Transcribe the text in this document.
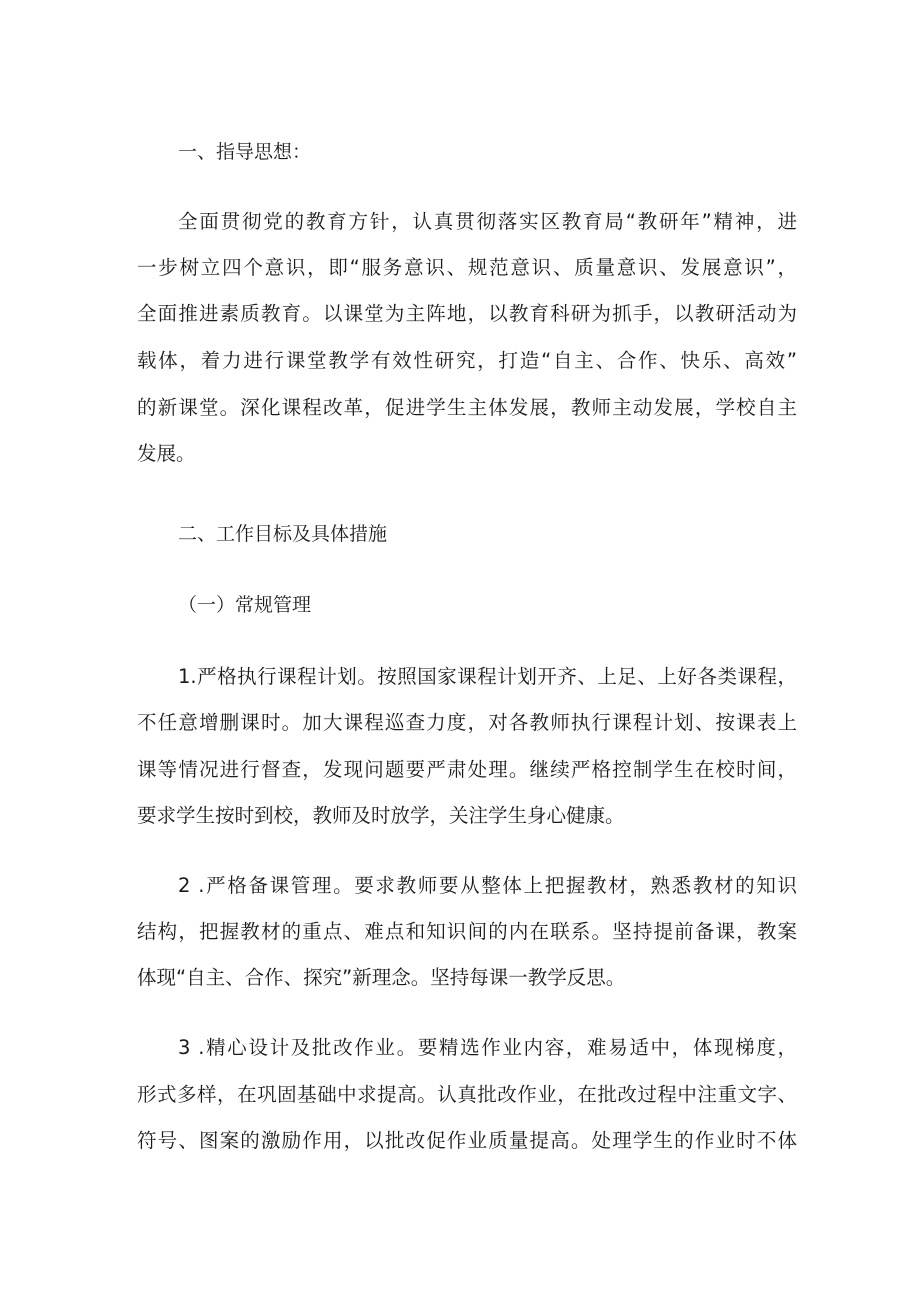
一、指导思想：
全面贯彻党的教育方针，认真贯彻落实区教育局“教研年”精神，进
一步树立四个意识，即“服务意识、规范意识、质量意识、发展意识”，
全面推进素质教育。以课堂为主阵地，以教育科研为抓手，以教研活动为
载体，着力进行课堂教学有效性研究，打造“自主、合作、快乐、高效”
的新课堂。深化课程改革，促进学生主体发展，教师主动发展，学校自主
发展。
二、工作目标及具体措施
（一）常规管理
1.严格执行课程计划。按照国家课程计划开齐、上足、上好各类课程，
不任意增删课时。加大课程巡查力度，对各教师执行课程计划、按课表上
课等情况进行督查，发现问题要严肃处理。继续严格控制学生在校时间，
要求学生按时到校，教师及时放学，关注学生身心健康。
2 .严格备课管理。要求教师要从整体上把握教材，熟悉教材的知识
结构，把握教材的重点、难点和知识间的内在联系。坚持提前备课，教案
体现“自主、合作、探究”新理念。坚持每课一教学反思。
3 .精心设计及批改作业。要精选作业内容，难易适中，体现梯度，
形式多样，在巩固基础中求提高。认真批改作业，在批改过程中注重文字、
符号、图案的激励作用，以批改促作业质量提高。处理学生的作业时不体
